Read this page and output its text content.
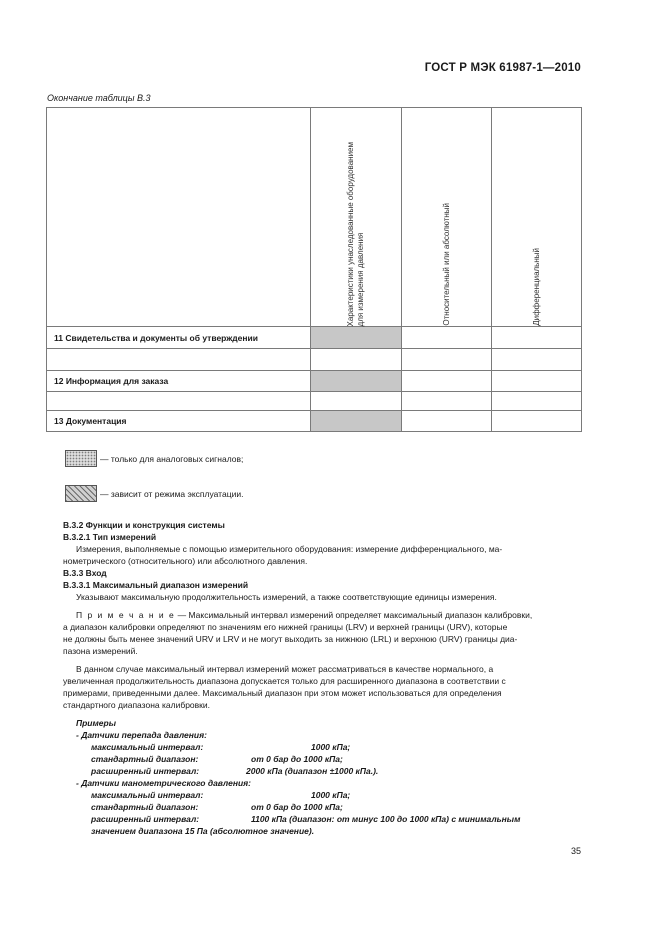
ГОСТ Р МЭК 61987-1—2010
Окончание таблицы В.3

	Характеристики унаследованные оборудованием
для измерения давления	Относительный или абсолютный	Дифференциальный

11 Свидетельства и документы об утверждении			

12 Информация для заказа			

13 Документация			
— только для аналоговых сигналов;
— зависит от режима эксплуатации.
В.3.2 Функции и конструкция системы
В.3.2.1 Тип измерений
Измерения, выполняемые с помощью измерительного оборудования: измерение дифференциального, ма-
нометрического (относительного) или абсолютного давления.
В.3.3 Вход
В.3.3.1 Максимальный диапазон измерений
Указывают максимальную продолжительность измерений, а также соответствующие единицы измерения.
П р и м е ч а н и е — Максимальный интервал измерений определяет максимальный диапазон калибровки,
а диапазон калибровки определяют по значениям его нижней границы (LRV) и верхней границы (URV), которые
не должны быть менее значений URV и LRV и не могут выходить за нижнюю (LRL) и верхнюю (URV) границы диа-
пазона измерений.
В данном случае максимальный интервал измерений может рассматриваться в качестве нормального, а
увеличенная продолжительность диапазона допускается только для расширенного диапазона в соответствии с
примерами, приведенными далее. Максимальный диапазон при этом может использоваться для определения
стандартного диапазона калибровки.
Примеры
- Датчики перепада давления:
максимальный интервал:	1000 кПа;
стандартный диапазон:	от 0 бар до 1000 кПа;
расширенный интервал:	2000 кПа (диапазон ±1000 кПа.).
- Датчики манометрического давления:
максимальный интервал:	1000 кПа;
стандартный диапазон:	от 0 бар до 1000 кПа;
расширенный интервал:	1100 кПа (диапазон: от минус 100 до 1000 кПа) с минимальным
значением диапазона 15 Па (абсолютное значение).
35
